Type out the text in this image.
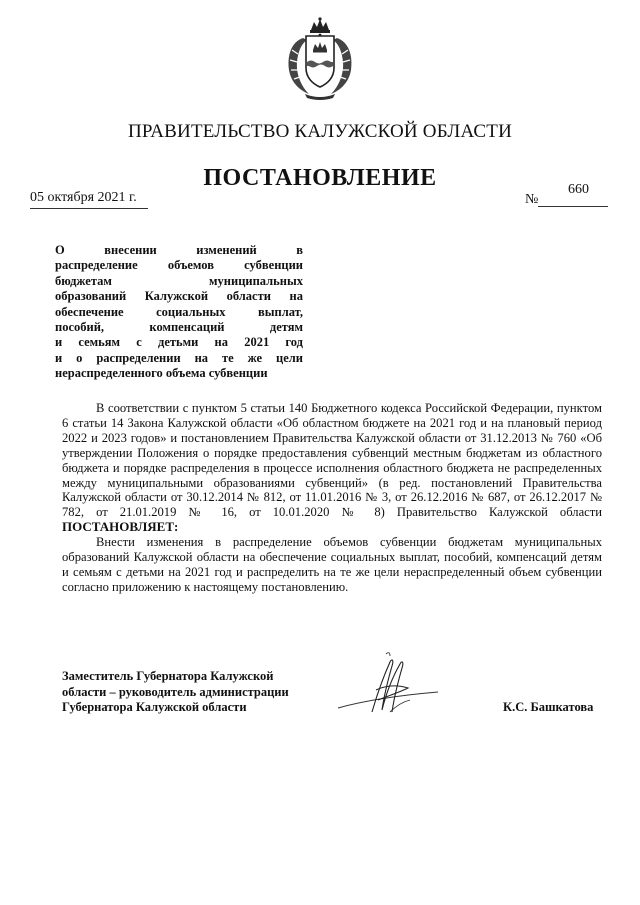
ПРАВИТЕЛЬСТВО КАЛУЖСКОЙ ОБЛАСТИ
ПОСТАНОВЛЕНИЕ
05 октября 2021 г.	№
660
О внесении изменений в
распределение объемов субвенции
бюджетам муниципальных
образований Калужской области на
обеспечение социальных выплат,
пособий, компенсаций детям
и семьям с детьми на 2021 год
и о распределении на те же цели
нераспределенного объема субвенции

В соответствии с пунктом 5 статьи 140 Бюджетного кодекса Российской Федерации, пунктом 6 статьи 14 Закона Калужской области «Об областном бюджете на 2021 год и на плановый период 2022 и 2023 годов» и постановлением Правительства Калужской области от 31.12.2013 № 760 «Об утверждении Положения о порядке предоставления субвенций местным бюджетам из областного бюджета и порядке распределения в процессе исполнения областного бюджета не распределенных между муниципальными образованиями субвенций» (в ред. постановлений Правительства Калужской области от 30.12.2014 № 812, от 11.01.2016 № 3, от 26.12.2016 № 687, от 26.12.2017 № 782, от 21.01.2019 № 16, от 10.01.2020 № 8) Правительство Калужской области ПОСТАНОВЛЯЕТ:

Внести изменения в распределение объемов субвенции бюджетам муниципальных образований Калужской области на обеспечение социальных выплат, пособий, компенсаций детям и семьям с детьми на 2021 год и распределить на те же цели нераспределенный объем субвенции согласно приложению к настоящему постановлению.

Заместитель Губернатора Калужской
области – руководитель администрации
Губернатора Калужской области	К.С. Башкатова
